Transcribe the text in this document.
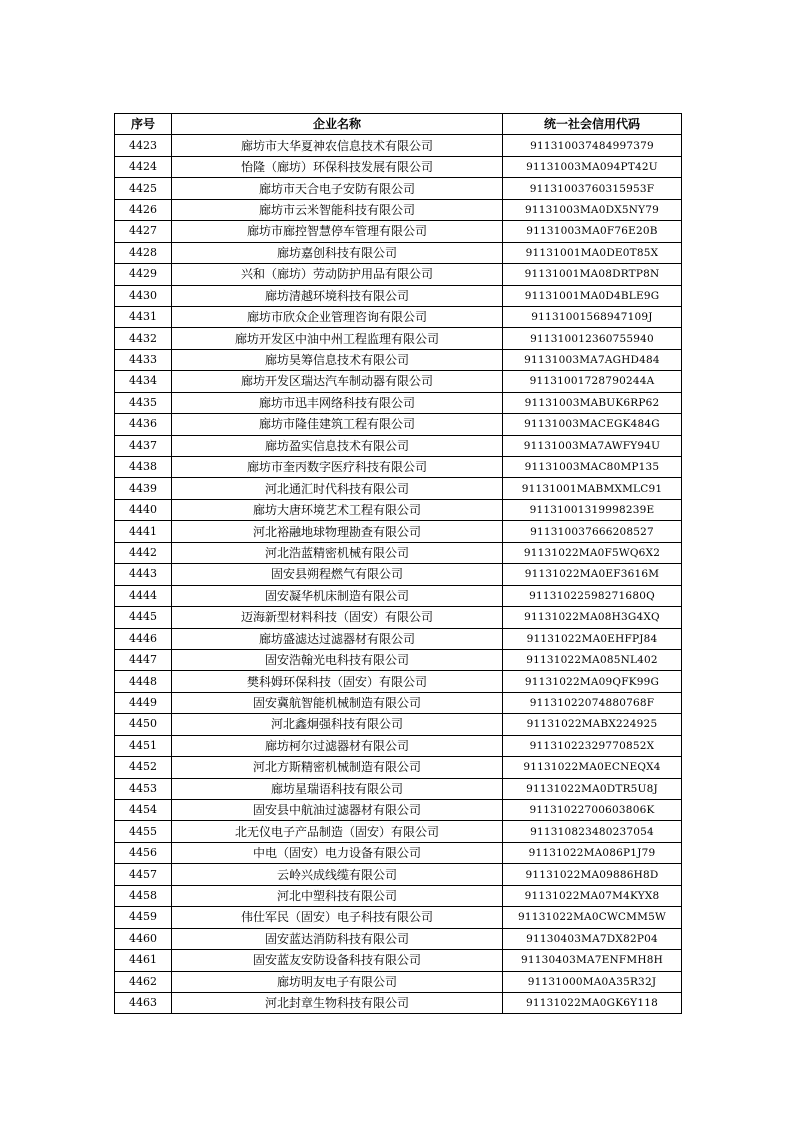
序号	企业名称	统一社会信用代码
4423	廊坊市大华夏神农信息技术有限公司	911310037484997379
4424	怡隆（廊坊）环保科技发展有限公司	91131003MA094PT42U
4425	廊坊市天合电子安防有限公司	91131003760315953F
4426	廊坊市云米智能科技有限公司	91131003MA0DX5NY79
4427	廊坊市廊控智慧停车管理有限公司	91131003MA0F76E20B
4428	廊坊嘉创科技有限公司	91131001MA0DE0T85X
4429	兴和（廊坊）劳动防护用品有限公司	91131001MA08DRTP8N
4430	廊坊清越环境科技有限公司	91131001MA0D4BLE9G
4431	廊坊市欣众企业管理咨询有限公司	91131001568947109J
4432	廊坊开发区中油中州工程监理有限公司	911310012360755940
4433	廊坊昊筹信息技术有限公司	91131003MA7AGHD484
4434	廊坊开发区瑞达汽车制动器有限公司	91131001728790244A
4435	廊坊市迅丰网络科技有限公司	91131003MABUK6RP62
4436	廊坊市隆佳建筑工程有限公司	91131003MACEGK484G
4437	廊坊盈实信息技术有限公司	91131003MA7AWFY94U
4438	廊坊市奎丙数字医疗科技有限公司	91131003MAC80MP135
4439	河北通汇时代科技有限公司	91131001MABMXMLC91
4440	廊坊大唐环境艺术工程有限公司	91131001319998239E
4441	河北裕融地球物理勘查有限公司	911310037666208527
4442	河北浩蓝精密机械有限公司	91131022MA0F5WQ6X2
4443	固安县朔程燃气有限公司	91131022MA0EF3616M
4444	固安凝华机床制造有限公司	91131022598271680Q
4445	迈海新型材料科技（固安）有限公司	91131022MA08H3G4XQ
4446	廊坊盛滤达过滤器材有限公司	91131022MA0EHFPJ84
4447	固安浩翰光电科技有限公司	91131022MA085NL402
4448	樊科姆环保科技（固安）有限公司	91131022MA09QFK99G
4449	固安冀航智能机械制造有限公司	91131022074880768F
4450	河北鑫炯强科技有限公司	91131022MABX224925
4451	廊坊柯尔过滤器材有限公司	91131022329770852X
4452	河北方斯精密机械制造有限公司	91131022MA0ECNEQX4
4453	廊坊星瑞语科技有限公司	91131022MA0DTR5U8J
4454	固安县中航油过滤器材有限公司	91131022700603806K
4455	北无仪电子产品制造（固安）有限公司	911310823480237054
4456	中电（固安）电力设备有限公司	91131022MA086P1J79
4457	云岭兴成线缆有限公司	91131022MA09886H8D
4458	河北中塑科技有限公司	91131022MA07M4KYX8
4459	伟仕军民（固安）电子科技有限公司	91131022MA0CWCMM5W
4460	固安蓝达消防科技有限公司	91130403MA7DX82P04
4461	固安蓝友安防设备科技有限公司	91130403MA7ENFMH8H
4462	廊坊明友电子有限公司	91131000MA0A35R32J
4463	河北封章生物科技有限公司	91131022MA0GK6Y118
